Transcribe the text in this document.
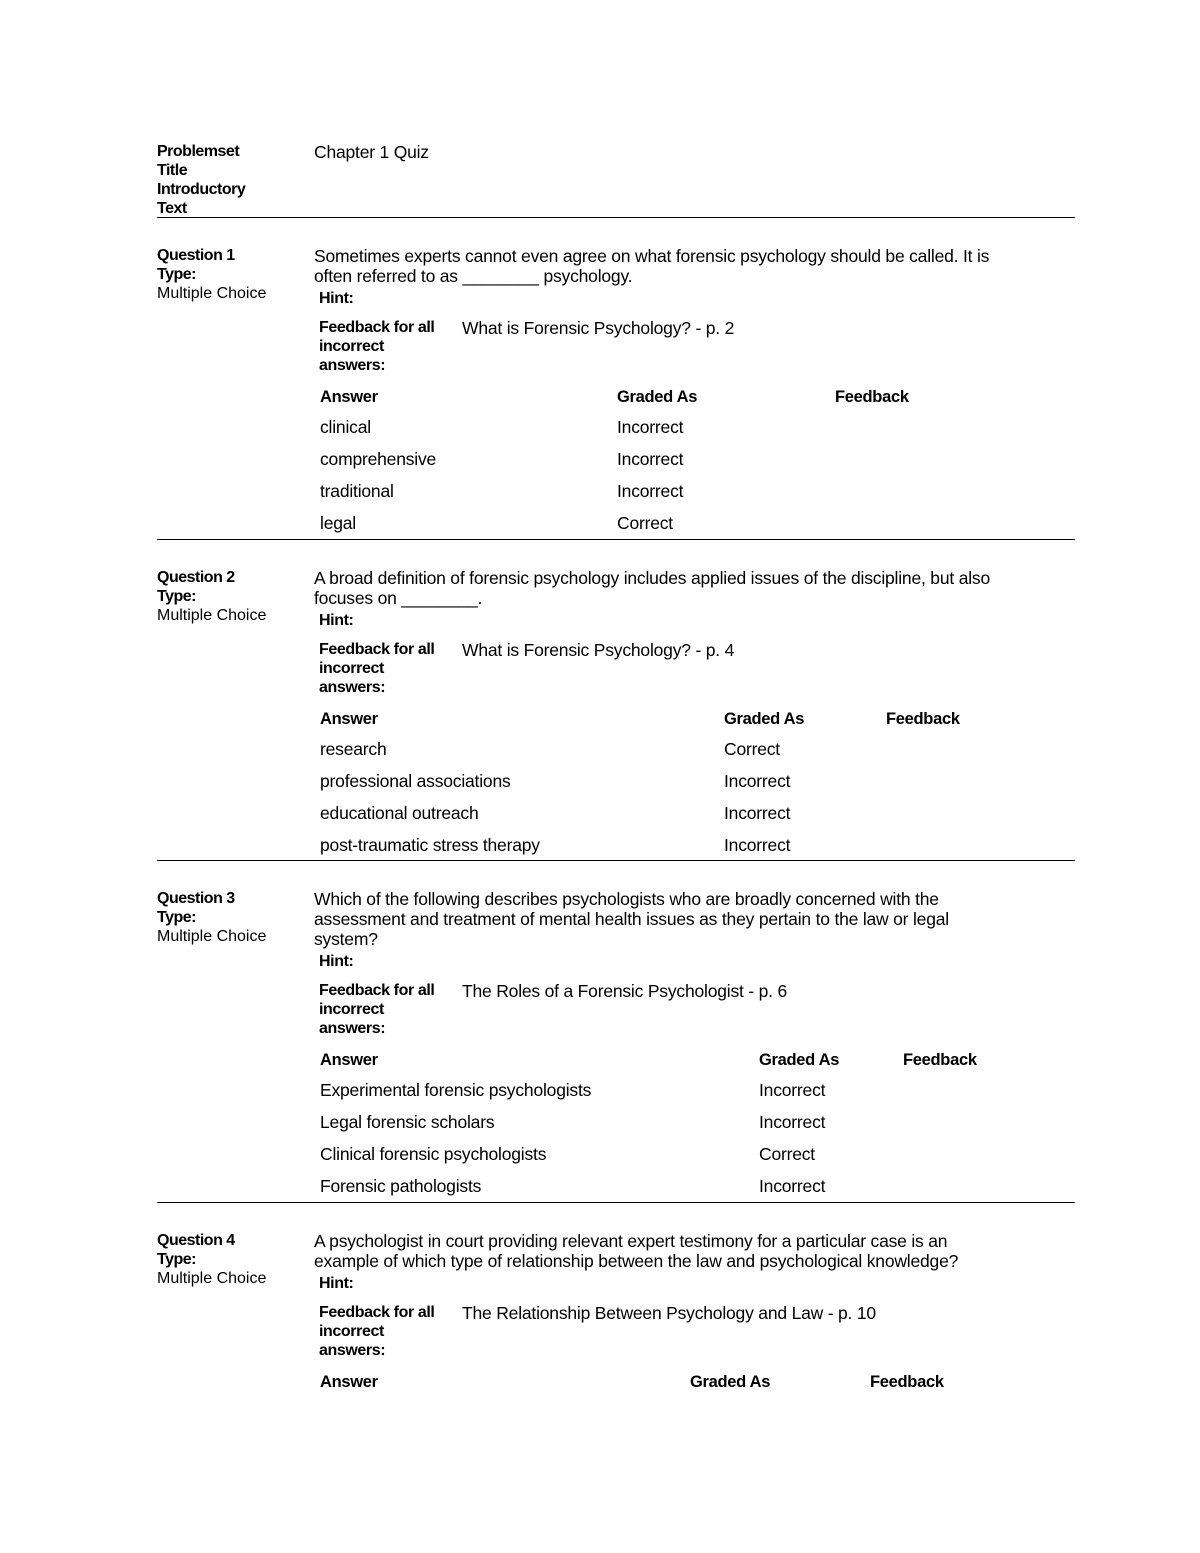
Problemset
Title
Introductory
Text
Chapter 1 Quiz
Question 1
Type:
Multiple Choice

Sometimes experts cannot even agree on what forensic psychology should be called. It is
often referred to as ________ psychology.

Hint:
Feedback for all
incorrect
answers:
What is Forensic Psychology? - p. 2
Answer	Graded As	Feedback
clinical	Incorrect	
comprehensive	Incorrect	
traditional	Incorrect	
legal	Correct	
Question 2
Type:
Multiple Choice

A broad definition of forensic psychology includes applied issues of the discipline, but also
focuses on ________.

Hint:
Feedback for all
incorrect
answers:
What is Forensic Psychology? - p. 4
Answer	Graded As	Feedback
research	Correct	
professional associations	Incorrect	
educational outreach	Incorrect	
post-traumatic stress therapy	Incorrect	
Question 3
Type:
Multiple Choice

Which of the following describes psychologists who are broadly concerned with the
assessment and treatment of mental health issues as they pertain to the law or legal
system?

Hint:
Feedback for all
incorrect
answers:
The Roles of a Forensic Psychologist - p. 6
Answer	Graded As	Feedback
Experimental forensic psychologists	Incorrect	
Legal forensic scholars	Incorrect	
Clinical forensic psychologists	Correct	
Forensic pathologists	Incorrect	
Question 4
Type:
Multiple Choice

A psychologist in court providing relevant expert testimony for a particular case is an
example of which type of relationship between the law and psychological knowledge?

Hint:
Feedback for all
incorrect
answers:
The Relationship Between Psychology and Law - p. 10
Answer	Graded As	Feedback
